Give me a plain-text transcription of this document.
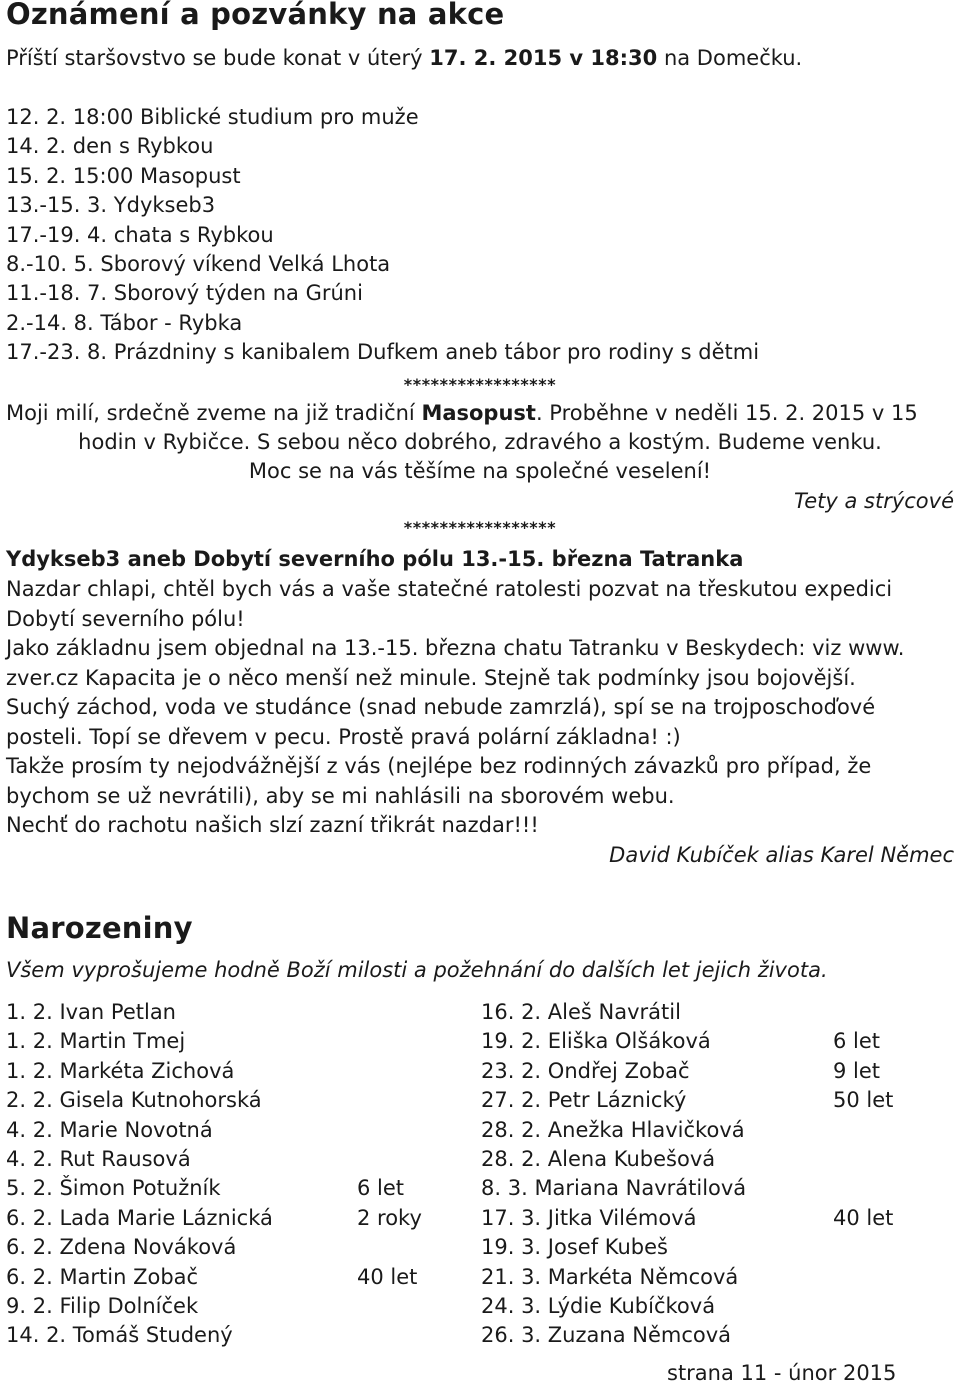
Oznámení a pozvánky na akce
Příští staršovstvo se bude konat v úterý 17. 2. 2015 v 18:30 na Domečku.
12. 2. 18:00 Biblické studium pro muže
14. 2. den s Rybkou
15. 2. 15:00 Masopust
13.-15. 3. Ydykseb3
17.-19. 4. chata s Rybkou
8.-10. 5. Sborový víkend Velká Lhota
11.-18. 7. Sborový týden na Grúni
2.-14. 8. Tábor - Rybka
17.-23. 8. Prázdniny s kanibalem Dufkem aneb tábor pro rodiny s dětmi
*****************
Moji milí, srdečně zveme na již tradiční Masopust. Proběhne v neděli 15. 2. 2015 v 15
hodin v Rybičce. S sebou něco dobrého, zdravého a kostým. Budeme venku.
Moc se na vás těšíme na společné veselení!
Tety a strýcové
*****************
Ydykseb3 aneb Dobytí severního pólu 13.-15. března Tatranka
Nazdar chlapi, chtěl bych vás a vaše statečné ratolesti pozvat na třeskutou expedici
Dobytí severního pólu!
Jako základnu jsem objednal na 13.-15. března chatu Tatranku v Beskydech: viz www.
zver.cz Kapacita je o něco menší než minule. Stejně tak podmínky jsou bojovější.
Suchý záchod, voda ve studánce (snad nebude zamrzlá), spí se na trojposchoďové
posteli. Topí se dřevem v pecu. Prostě pravá polární základna! :)
Takže prosím ty nejodvážnější z vás (nejlépe bez rodinných závazků pro případ, že
bychom se už nevrátili), aby se mi nahlásili na sborovém webu.
Nechť do rachotu našich slzí zazní třikrát nazdar!!!
David Kubíček alias Karel Němec
Narozeniny
Všem vyprošujeme hodně Boží milosti a požehnání do dalších let jejich života.
1. 2. Ivan Petlan
1. 2. Martin Tmej
1. 2. Markéta Zichová
2. 2. Gisela Kutnohorská
4. 2. Marie Novotná
4. 2. Rut Rausová
5. 2. Šimon Potužník	6 let
6. 2. Lada Marie Láznická	2 roky
6. 2. Zdena Nováková
6. 2. Martin Zobač	40 let
9. 2. Filip Dolníček
14. 2. Tomáš Studený
16. 2. Aleš Navrátil
19. 2. Eliška Olšáková	6 let
23. 2. Ondřej Zobač	9 let
27. 2. Petr Láznický	50 let
28. 2. Anežka Hlavičková
28. 2. Alena Kubešová
8. 3. Mariana Navrátilová
17. 3. Jitka Vilémová	40 let
19. 3. Josef Kubeš
21. 3. Markéta Němcová
24. 3. Lýdie Kubíčková
26. 3. Zuzana Němcová
strana 11 - únor 2015
